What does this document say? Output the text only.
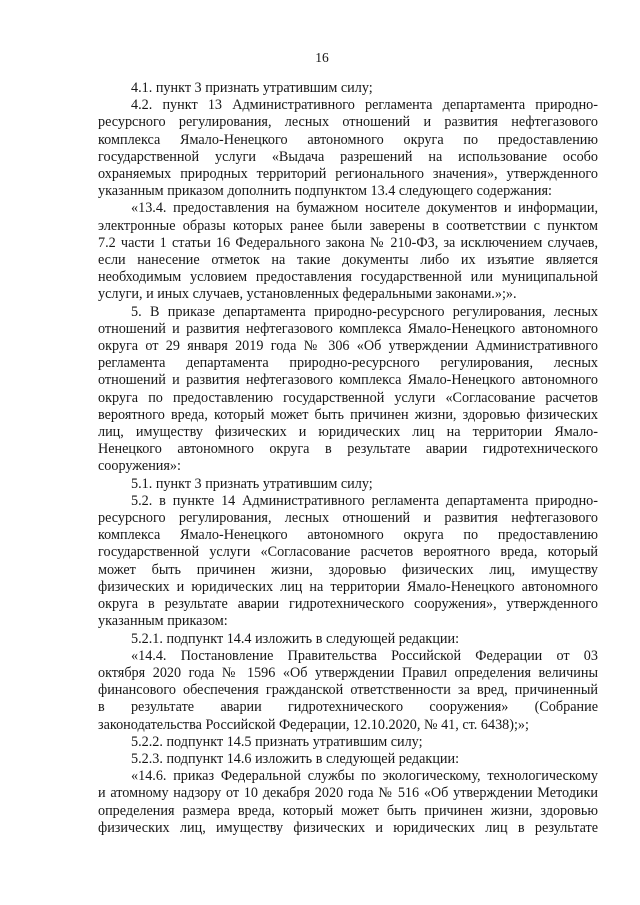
16
4.1. пункт 3 признать утратившим силу;
4.2. пункт 13 Административного регламента департамента природно-
ресурсного регулирования, лесных отношений и развития нефтегазового
комплекса Ямало-Ненецкого автономного округа по предоставлению
государственной услуги «Выдача разрешений на использование особо
охраняемых природных территорий регионального значения», утвержденного
указанным приказом дополнить подпунктом 13.4 следующего содержания:
«13.4. предоставления на бумажном носителе документов и информации,
электронные образы которых ранее были заверены в соответствии с пунктом
7.2 части 1 статьи 16 Федерального закона № 210-ФЗ, за исключением случаев,
если нанесение отметок на такие документы либо их изъятие является
необходимым условием предоставления государственной или муниципальной
услуги, и иных случаев, установленных федеральными законами.»;».
5. В приказе департамента природно-ресурсного регулирования, лесных
отношений и развития нефтегазового комплекса Ямало-Ненецкого автономного
округа от 29 января 2019 года № 306 «Об утверждении Административного
регламента департамента природно-ресурсного регулирования, лесных
отношений и развития нефтегазового комплекса Ямало-Ненецкого автономного
округа по предоставлению государственной услуги «Согласование расчетов
вероятного вреда, который может быть причинен жизни, здоровью физических
лиц, имуществу физических и юридических лиц на территории Ямало-
Ненецкого автономного округа в результате аварии гидротехнического
сооружения»:
5.1. пункт 3 признать утратившим силу;
5.2. в пункте 14 Административного регламента департамента природно-
ресурсного регулирования, лесных отношений и развития нефтегазового
комплекса Ямало-Ненецкого автономного округа по предоставлению
государственной услуги «Согласование расчетов вероятного вреда, который
может быть причинен жизни, здоровью физических лиц, имуществу
физических и юридических лиц на территории Ямало-Ненецкого автономного
округа в результате аварии гидротехнического сооружения», утвержденного
указанным приказом:
5.2.1. подпункт 14.4 изложить в следующей редакции:
«14.4. Постановление Правительства Российской Федерации от 03
октября 2020 года № 1596 «Об утверждении Правил определения величины
финансового обеспечения гражданской ответственности за вред, причиненный
в результате аварии гидротехнического сооружения» (Собрание
законодательства Российской Федерации, 12.10.2020, № 41, ст. 6438);»;
5.2.2. подпункт 14.5 признать утратившим силу;
5.2.3. подпункт 14.6 изложить в следующей редакции:
«14.6. приказ Федеральной службы по экологическому, технологическому
и атомному надзору от 10 декабря 2020 года № 516 «Об утверждении Методики
определения размера вреда, который может быть причинен жизни, здоровью
физических лиц, имуществу физических и юридических лиц в результате
